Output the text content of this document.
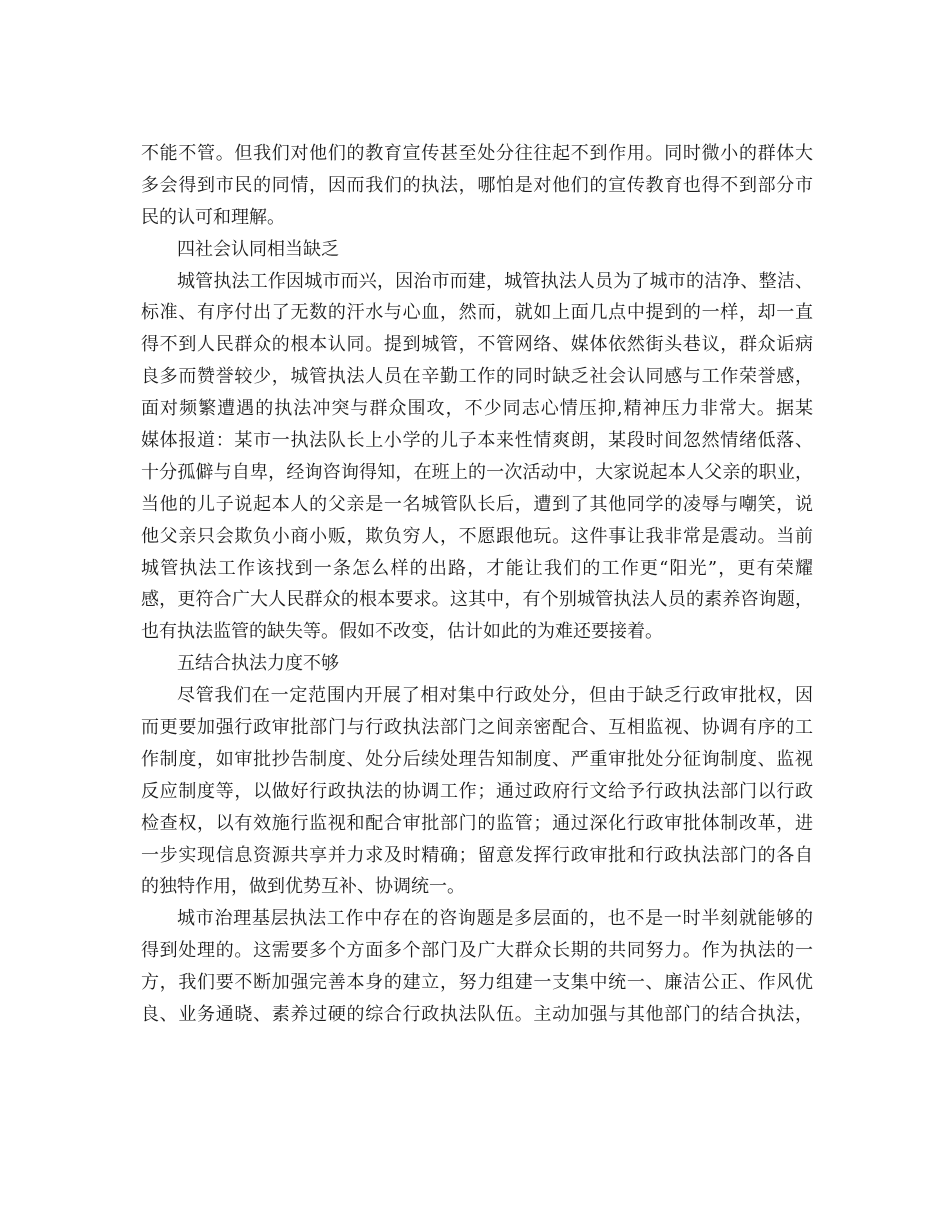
不能不管。但我们对他们的教育宣传甚至处分往往起不到作用。同时微小的群体大
多会得到市民的同情，因而我们的执法，哪怕是对他们的宣传教育也得不到部分市
民的认可和理解。
四社会认同相当缺乏
城管执法工作因城市而兴，因治市而建，城管执法人员为了城市的洁净、整洁、
标准、有序付出了无数的汗水与心血，然而，就如上面几点中提到的一样，却一直
得不到人民群众的根本认同。提到城管，不管网络、媒体依然街头巷议，群众诟病
良多而赞誉较少，城管执法人员在辛勤工作的同时缺乏社会认同感与工作荣誉感，
面对频繁遭遇的执法冲突与群众围攻，不少同志心情压抑,精神压力非常大。据某
媒体报道：某市一执法队长上小学的儿子本来性情爽朗，某段时间忽然情绪低落、
十分孤僻与自卑，经询咨询得知，在班上的一次活动中，大家说起本人父亲的职业，
当他的儿子说起本人的父亲是一名城管队长后，遭到了其他同学的凌辱与嘲笑，说
他父亲只会欺负小商小贩，欺负穷人，不愿跟他玩。这件事让我非常是震动。当前
城管执法工作该找到一条怎么样的出路，才能让我们的工作更“阳光”，更有荣耀
感，更符合广大人民群众的根本要求。这其中，有个别城管执法人员的素养咨询题，
也有执法监管的缺失等。假如不改变，估计如此的为难还要接着。
五结合执法力度不够
尽管我们在一定范围内开展了相对集中行政处分，但由于缺乏行政审批权，因
而更要加强行政审批部门与行政执法部门之间亲密配合、互相监视、协调有序的工
作制度，如审批抄告制度、处分后续处理告知制度、严重审批处分征询制度、监视
反应制度等，以做好行政执法的协调工作；通过政府行文给予行政执法部门以行政
检查权，以有效施行监视和配合审批部门的监管；通过深化行政审批体制改革，进
一步实现信息资源共享并力求及时精确；留意发挥行政审批和行政执法部门的各自
的独特作用，做到优势互补、协调统一。
城市治理基层执法工作中存在的咨询题是多层面的，也不是一时半刻就能够的
得到处理的。这需要多个方面多个部门及广大群众长期的共同努力。作为执法的一
方，我们要不断加强完善本身的建立，努力组建一支集中统一、廉洁公正、作风优
良、业务通晓、素养过硬的综合行政执法队伍。主动加强与其他部门的结合执法，
